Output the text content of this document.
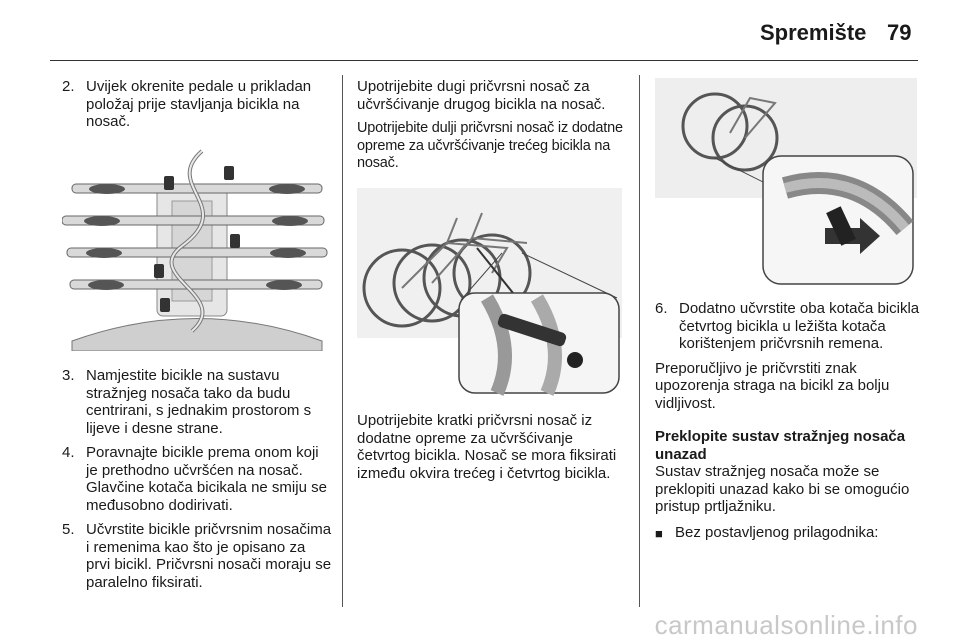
Spremište 79
2. Uvijek okrenite pedale u prikladan položaj prije stavljanja bicikla na nosač.
3. Namjestite bicikle na sustavu stražnjeg nosača tako da budu centrirani, s jednakim prostorom s lijeve i desne strane.
4. Poravnajte bicikle prema onom koji je prethodno učvršćen na nosač. Glavčine kotača bicikala ne smiju se međusobno dodirivati.
5. Učvrstite bicikle pričvrsnim nosačima i remenima kao što je opisano za prvi bicikl. Pričvrsni nosači moraju se paralelno fiksirati.

Upotrijebite dugi pričvrsni nosač za učvršćivanje drugog bicikla na nosač.

Upotrijebite dulji pričvrsni nosač iz dodatne opreme za učvršćivanje trećeg bicikla na nosač.

Upotrijebite kratki pričvrsni nosač iz dodatne opreme za učvršćivanje četvrtog bicikla. Nosač se mora fiksirati između okvira trećeg i četvrtog bicikla.

6. Dodatno učvrstite oba kotača bicikla četvrtog bicikla u ležišta kotača korištenjem pričvrsnih remena.

Preporučljivo je pričvrstiti znak upozorenja straga na bicikl za bolju vidljivost.

Preklopite sustav stražnjeg nosača unazad

Sustav stražnjeg nosača može se preklopiti unazad kako bi se omogućio pristup prtljažniku.

■ Bez postavljenog prilagodnika:
carmanualsonline.info
